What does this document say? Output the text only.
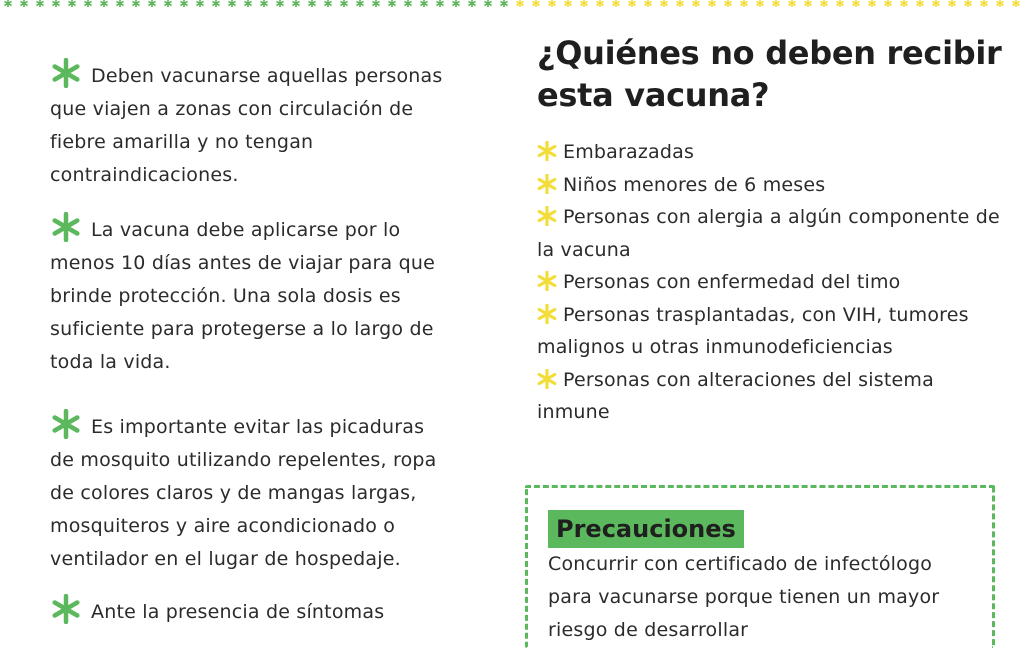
Deben vacunarse aquellas personas que viajen a zonas con circulación de fiebre amarilla y no tengan contraindicaciones.

La vacuna debe aplicarse por lo menos 10 días antes de viajar para que brinde protección. Una sola dosis es suficiente para protegerse a lo largo de toda la vida.

Es importante evitar las picaduras de mosquito utilizando repelentes, ropa de colores claros y de mangas largas, mosquiteros y aire acondicionado o ventilador en el lugar de hospedaje.

Ante la presencia de síntomas

¿Quiénes no deben recibir esta vacuna?
Embarazadas
Niños menores de 6 meses
Personas con alergia a algún componente de la vacuna
Personas con enfermedad del timo
Personas trasplantadas, con VIH, tumores malignos u otras inmunodeficiencias
Personas con alteraciones del sistema inmune
Precauciones

Concurrir con certificado de infectólogo para vacunarse porque tienen un mayor riesgo de desarrollar
